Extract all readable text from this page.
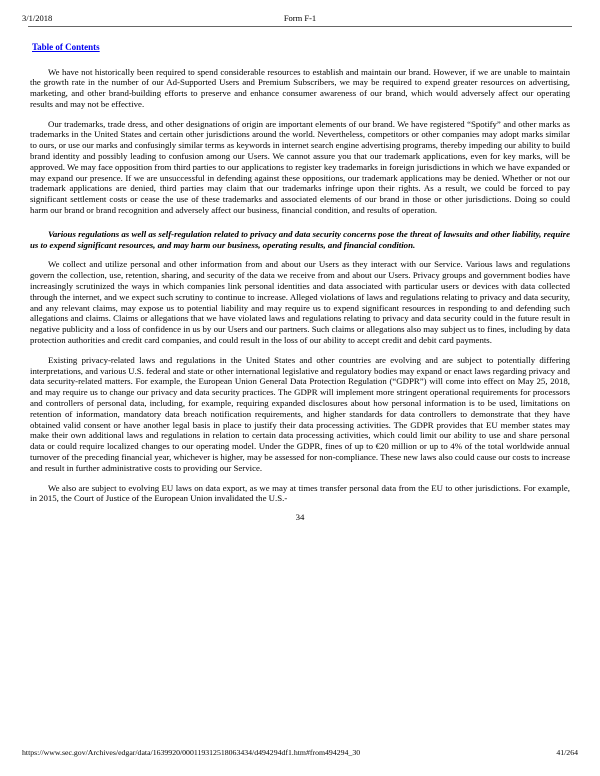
3/1/2018	Form F-1
Table of Contents

We have not historically been required to spend considerable resources to establish and maintain our brand. However, if we are unable to maintain the growth rate in the number of our Ad-Supported Users and Premium Subscribers, we may be required to expend greater resources on advertising, marketing, and other brand-building efforts to preserve and enhance consumer awareness of our brand, which would adversely affect our operating results and may not be effective.

Our trademarks, trade dress, and other designations of origin are important elements of our brand. We have registered “Spotify” and other marks as trademarks in the United States and certain other jurisdictions around the world. Nevertheless, competitors or other companies may adopt marks similar to ours, or use our marks and confusingly similar terms as keywords in internet search engine advertising programs, thereby impeding our ability to build brand identity and possibly leading to confusion among our Users. We cannot assure you that our trademark applications, even for key marks, will be approved. We may face opposition from third parties to our applications to register key trademarks in foreign jurisdictions in which we have expanded or may expand our presence. If we are unsuccessful in defending against these oppositions, our trademark applications may be denied. Whether or not our trademark applications are denied, third parties may claim that our trademarks infringe upon their rights. As a result, we could be forced to pay significant settlement costs or cease the use of these trademarks and associated elements of our brand in those or other jurisdictions. Doing so could harm our brand or brand recognition and adversely affect our business, financial condition, and results of operation.

Various regulations as well as self-regulation related to privacy and data security concerns pose the threat of lawsuits and other liability, require us to expend significant resources, and may harm our business, operating results, and financial condition.

We collect and utilize personal and other information from and about our Users as they interact with our Service. Various laws and regulations govern the collection, use, retention, sharing, and security of the data we receive from and about our Users. Privacy groups and government bodies have increasingly scrutinized the ways in which companies link personal identities and data associated with particular users or devices with data collected through the internet, and we expect such scrutiny to continue to increase. Alleged violations of laws and regulations relating to privacy and data security, and any relevant claims, may expose us to potential liability and may require us to expend significant resources in responding to and defending such allegations and claims. Claims or allegations that we have violated laws and regulations relating to privacy and data security could in the future result in negative publicity and a loss of confidence in us by our Users and our partners. Such claims or allegations also may subject us to fines, including by data protection authorities and credit card companies, and could result in the loss of our ability to accept credit and debit card payments.

Existing privacy-related laws and regulations in the United States and other countries are evolving and are subject to potentially differing interpretations, and various U.S. federal and state or other international legislative and regulatory bodies may expand or enact laws regarding privacy and data security-related matters. For example, the European Union General Data Protection Regulation (“GDPR”) will come into effect on May 25, 2018, and may require us to change our privacy and data security practices. The GDPR will implement more stringent operational requirements for processors and controllers of personal data, including, for example, requiring expanded disclosures about how personal information is to be used, limitations on retention of information, mandatory data breach notification requirements, and higher standards for data controllers to demonstrate that they have obtained valid consent or have another legal basis in place to justify their data processing activities. The GDPR provides that EU member states may make their own additional laws and regulations in relation to certain data processing activities, which could limit our ability to use and share personal data or could require localized changes to our operating model. Under the GDPR, fines of up to €20 million or up to 4% of the total worldwide annual turnover of the preceding financial year, whichever is higher, may be assessed for non-compliance. These new laws also could cause our costs to increase and result in further administrative costs to providing our Service.

We also are subject to evolving EU laws on data export, as we may at times transfer personal data from the EU to other jurisdictions. For example, in 2015, the Court of Justice of the European Union invalidated the U.S.-

34
https://www.sec.gov/Archives/edgar/data/1639920/000119312518063434/d494294df1.htm#from494294_30	41/264
